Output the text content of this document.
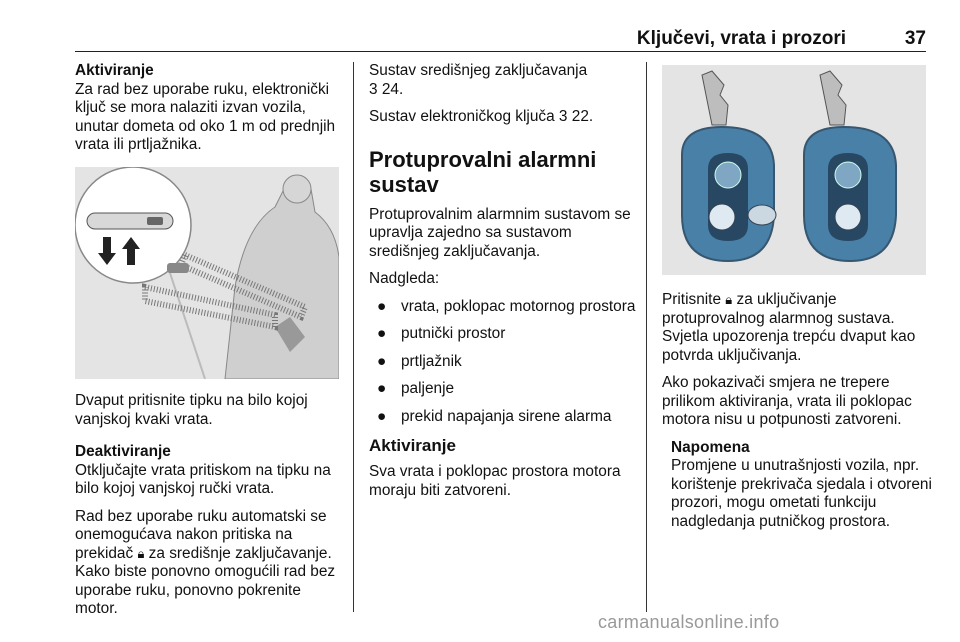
Ključevi, vrata i prozori	37
Aktiviranje

Za rad bez uporabe ruku, elektronički ključ se mora nalaziti izvan vozila, unutar dometa od oko 1 m od prednjih vrata ili prtljažnika.

Dvaput pritisnite tipku na bilo kojoj vanjskoj kvaki vrata.

Deaktiviranje

Otključajte vrata pritiskom na tipku na bilo kojoj vanjskoj ručki vrata.

Rad bez uporabe ruku automatski se onemogućava nakon pritiska na prekidač 🔒︎ za središnje zaključavanje. Kako biste ponovno omogućili rad bez uporabe ruku, ponovno pokrenite motor.

Sustav središnjeg zaključavanja
3 24.

Sustav elektroničkog ključa 3 22.

Protuprovalni alarmni sustav

Protuprovalnim alarmnim sustavom se upravlja zajedno sa sustavom središnjeg zaključavanja.

Nadgleda:

● vrata, poklopac motornog prostora
● putnički prostor
● prtljažnik
● paljenje
● prekid napajanja sirene alarma
Aktiviranje

Sva vrata i poklopac prostora motora moraju biti zatvoreni.

Pritisnite 🔒︎ za uključivanje protuprovalnog alarmnog sustava. Svjetla upozorenja trepću dvaput kao potvrda uključivanja.

Ako pokazivači smjera ne trepere prilikom aktiviranja, vrata ili poklopac motora nisu u potpunosti zatvoreni.

Napomena
Promjene u unutrašnjosti vozila, npr. korištenje prekrivača sjedala i otvoreni prozori, mogu ometati funkciju nadgledanja putničkog prostora.
carmanualsonline.info
